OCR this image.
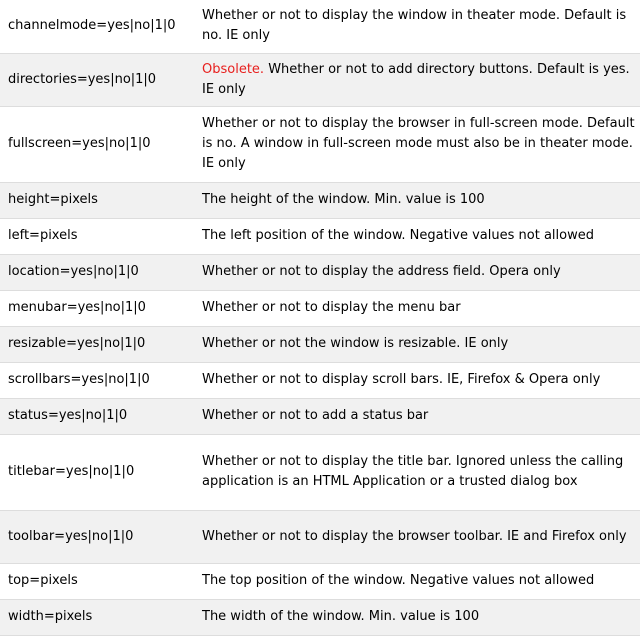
channelmode=yes|no|1|0	Whether or not to display the window in theater mode. Default is no. IE only
directories=yes|no|1|0	Obsolete. Whether or not to add directory buttons. Default is yes. IE only
fullscreen=yes|no|1|0	Whether or not to display the browser in full-screen mode. Default is no. A window in full-screen mode must also be in theater mode. IE only
height=pixels	The height of the window. Min. value is 100
left=pixels	The left position of the window. Negative values not allowed
location=yes|no|1|0	Whether or not to display the address field. Opera only
menubar=yes|no|1|0	Whether or not to display the menu bar
resizable=yes|no|1|0	Whether or not the window is resizable. IE only
scrollbars=yes|no|1|0	Whether or not to display scroll bars. IE, Firefox & Opera only
status=yes|no|1|0	Whether or not to add a status bar
titlebar=yes|no|1|0	Whether or not to display the title bar. Ignored unless the calling application is an HTML Application or a trusted dialog box
toolbar=yes|no|1|0	Whether or not to display the browser toolbar. IE and Firefox only
top=pixels	The top position of the window. Negative values not allowed
width=pixels	The width of the window. Min. value is 100
